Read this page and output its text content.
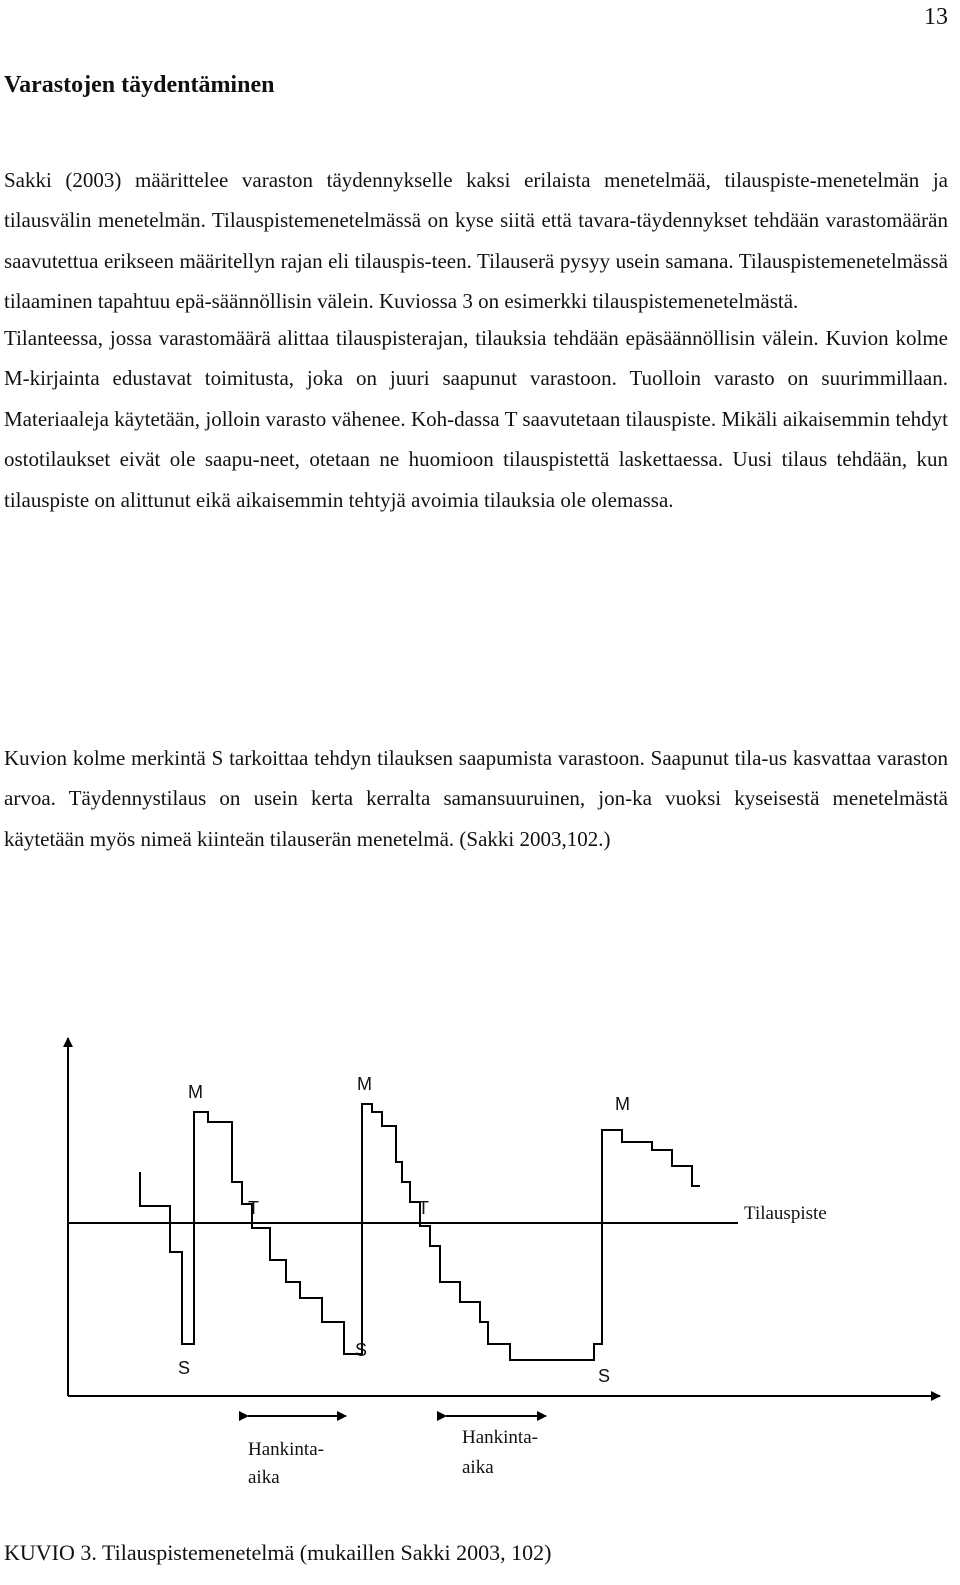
13
Varastojen täydentäminen

Sakki (2003) määrittelee varaston täydennykselle kaksi erilaista menetelmää, tilauspiste-menetelmän ja tilausvälin menetelmän. Tilauspistemenetelmässä on kyse siitä että tavara-täydennykset tehdään varastomäärän saavutettua erikseen määritellyn rajan eli tilauspis-teen. Tilauserä pysyy usein samana. Tilauspistemenetelmässä tilaaminen tapahtuu epä-säännöllisin välein. Kuviossa 3 on esimerkki tilauspistemenetelmästä.

Tilanteessa, jossa varastomäärä alittaa tilauspisterajan, tilauksia tehdään epäsäännöllisin välein. Kuvion kolme M-kirjainta edustavat toimitusta, joka on juuri saapunut varastoon. Tuolloin varasto on suurimmillaan. Materiaaleja käytetään, jolloin varasto vähenee. Koh-dassa T saavutetaan tilauspiste. Mikäli aikaisemmin tehdyt ostotilaukset eivät ole saapu-neet, otetaan ne huomioon tilauspistettä laskettaessa. Uusi tilaus tehdään, kun tilauspiste on alittunut eikä aikaisemmin tehtyjä avoimia tilauksia ole olemassa.

Kuvion kolme merkintä S tarkoittaa tehdyn tilauksen saapumista varastoon. Saapunut tila-us kasvattaa varaston arvoa. Täydennystilaus on usein kerta kerralta samansuuruinen, jon-ka vuoksi kyseisestä menetelmästä käytetään myös nimeä kiinteän tilauserän menetelmä. (Sakki 2003,102.)

M	M
M
T	T	Tilauspiste
S
S
S
Hankinta-
aika
Hankinta-
aika

KUVIO 3. Tilauspistemenetelmä (mukaillen Sakki 2003, 102)
